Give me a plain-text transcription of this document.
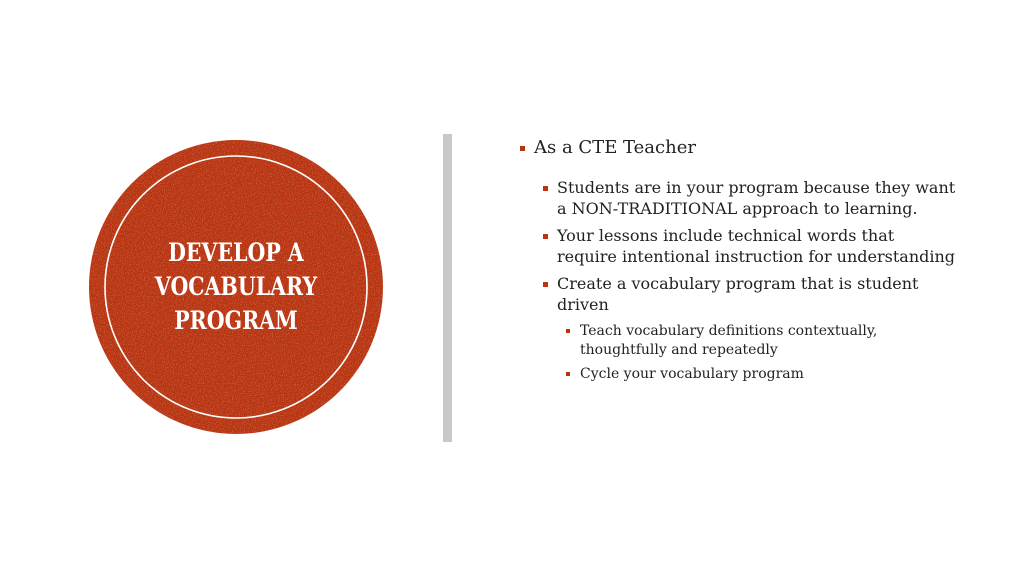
DEVELOP A
VOCABULARY
PROGRAM
As a CTE Teacher
Students are in your program because they want a NON-TRADITIONAL approach to learning.
Your lessons include technical words that require intentional instruction for understanding
Create a vocabulary program that is student driven
Teach vocabulary definitions contextually, thoughtfully and repeatedly
Cycle your vocabulary program
